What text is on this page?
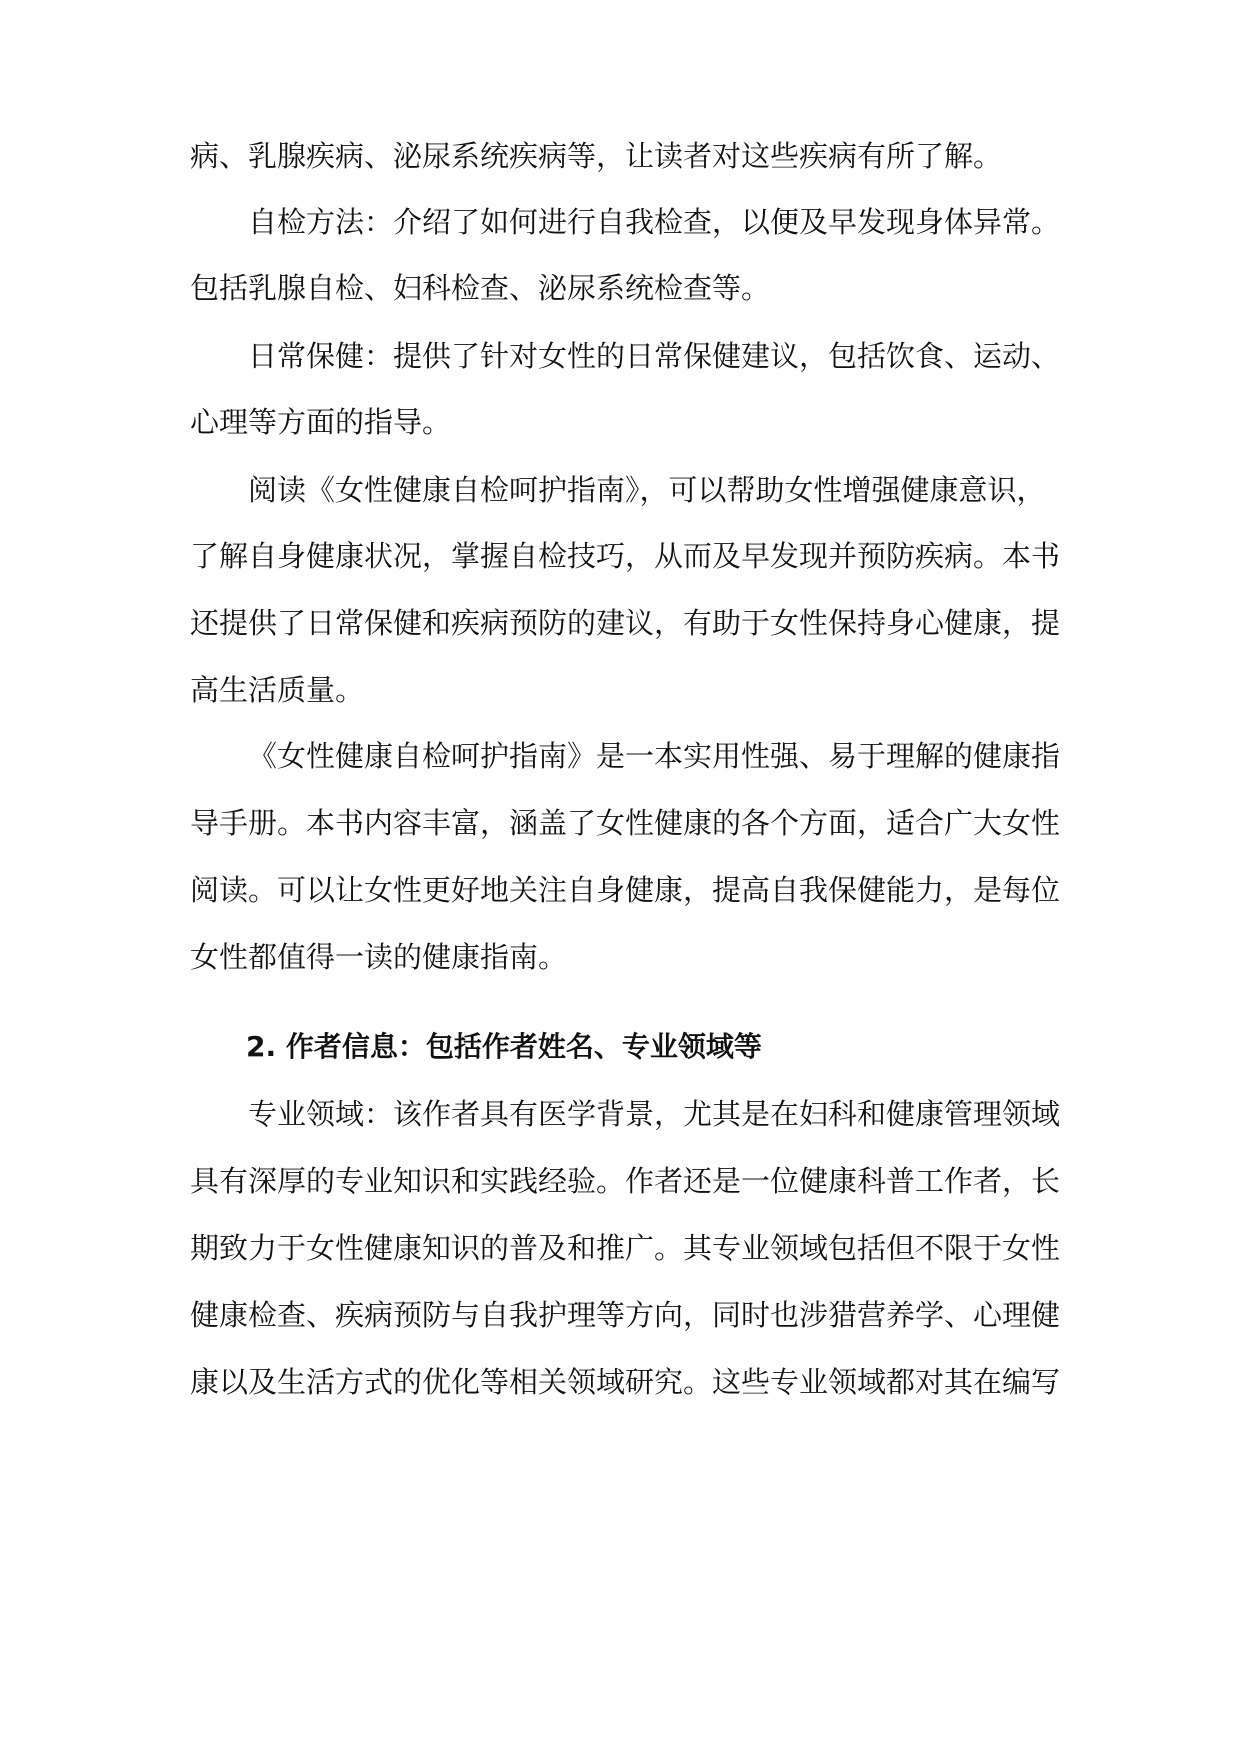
病、乳腺疾病、泌尿系统疾病等，让读者对这些疾病有所了解。
自检方法：介绍了如何进行自我检查，以便及早发现身体异常。
包括乳腺自检、妇科检查、泌尿系统检查等。
日常保健：提供了针对女性的日常保健建议，包括饮食、运动、
心理等方面的指导。
阅读《女性健康自检呵护指南》，可以帮助女性增强健康意识，
了解自身健康状况，掌握自检技巧，从而及早发现并预防疾病。本书
还提供了日常保健和疾病预防的建议，有助于女性保持身心健康，提
高生活质量。
《女性健康自检呵护指南》是一本实用性强、易于理解的健康指
导手册。本书内容丰富，涵盖了女性健康的各个方面，适合广大女性
阅读。可以让女性更好地关注自身健康，提高自我保健能力，是每位
女性都值得一读的健康指南。
2. 作者信息：包括作者姓名、专业领域等
专业领域：该作者具有医学背景，尤其是在妇科和健康管理领域
具有深厚的专业知识和实践经验。作者还是一位健康科普工作者，长
期致力于女性健康知识的普及和推广。其专业领域包括但不限于女性
健康检查、疾病预防与自我护理等方向，同时也涉猎营养学、心理健
康以及生活方式的优化等相关领域研究。这些专业领域都对其在编写
